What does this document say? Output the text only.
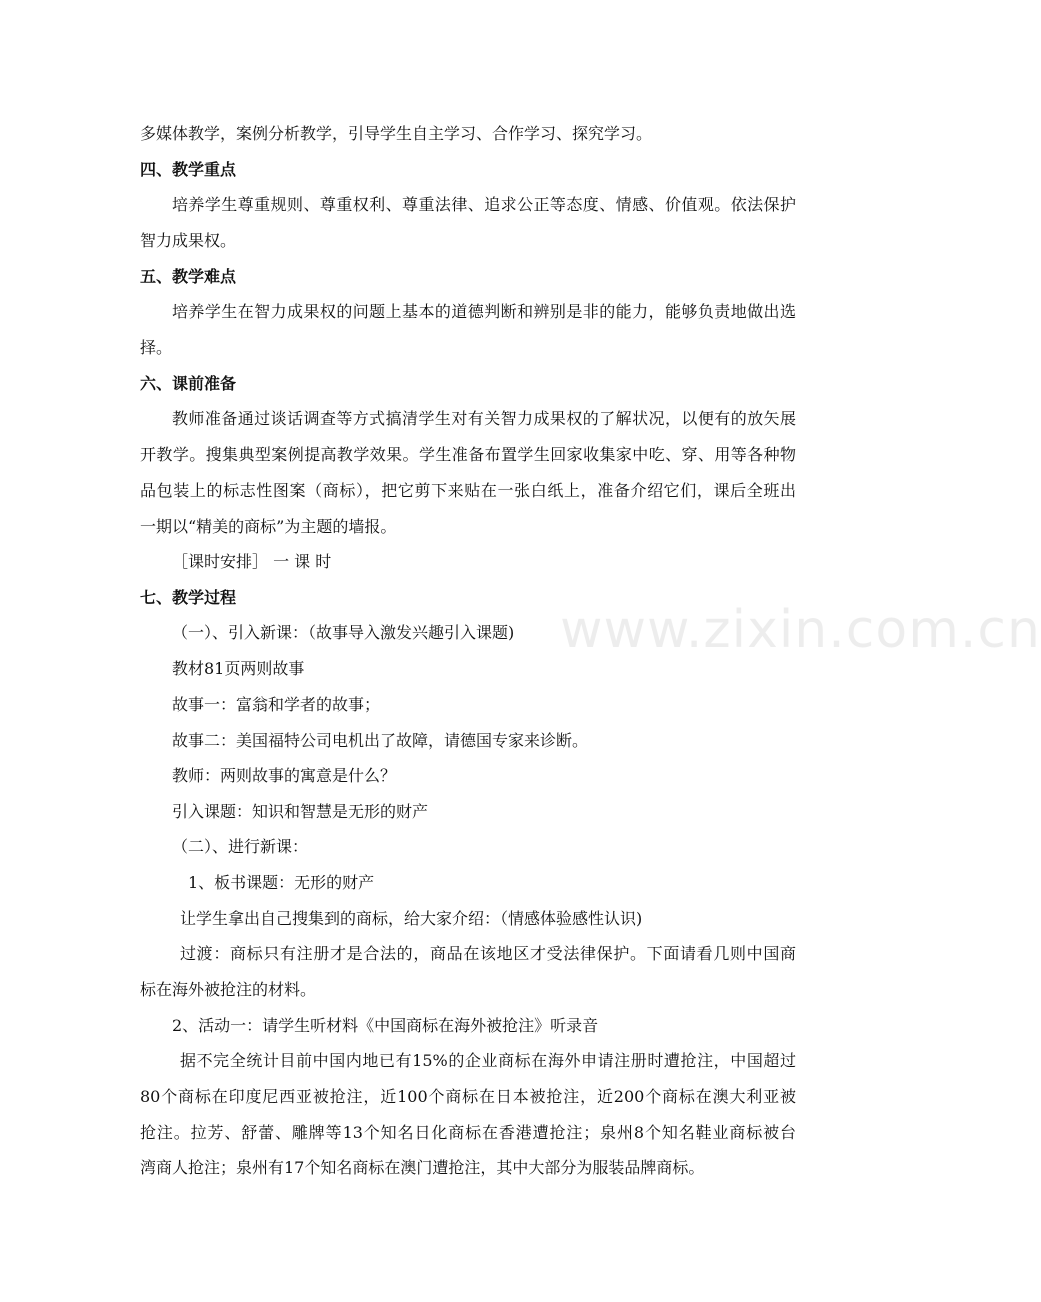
www.zixin.com.cn
多媒体教学，案例分析教学，引导学生自主学习、合作学习、探究学习。
四、教学重点
培养学生尊重规则、尊重权利、尊重法律、追求公正等态度、情感、价值观。依法保护
智力成果权。
五、教学难点
培养学生在智力成果权的问题上基本的道德判断和辨别是非的能力，能够负责地做出选
择。
六、课前准备
教师准备通过谈话调查等方式搞清学生对有关智力成果权的了解状况，以便有的放矢展
开教学。搜集典型案例提高教学效果。学生准备布置学生回家收集家中吃、穿、用等各种物
品包装上的标志性图案（商标），把它剪下来贴在一张白纸上，准备介绍它们，课后全班出
一期以“精美的商标”为主题的墙报。
［课时安排］ 一 课 时
七、教学过程
（一）、引入新课：（故事导入激发兴趣引入课题)
教材81页两则故事
故事一：富翁和学者的故事；
故事二：美国福特公司电机出了故障，请德国专家来诊断。
教师：两则故事的寓意是什么？
引入课题：知识和智慧是无形的财产
（二）、进行新课：
1、板书课题：无形的财产
让学生拿出自己搜集到的商标，给大家介绍：（情感体验感性认识)
过渡：商标只有注册才是合法的，商品在该地区才受法律保护。下面请看几则中国商
标在海外被抢注的材料。
2、活动一：请学生听材料《中国商标在海外被抢注》听录音
据不完全统计目前中国内地已有15%的企业商标在海外申请注册时遭抢注，中国超过
80个商标在印度尼西亚被抢注，近100个商标在日本被抢注，近200个商标在澳大利亚被
抢注。拉芳、舒蕾、雕牌等13个知名日化商标在香港遭抢注；泉州8个知名鞋业商标被台
湾商人抢注；泉州有17个知名商标在澳门遭抢注，其中大部分为服装品牌商标。
